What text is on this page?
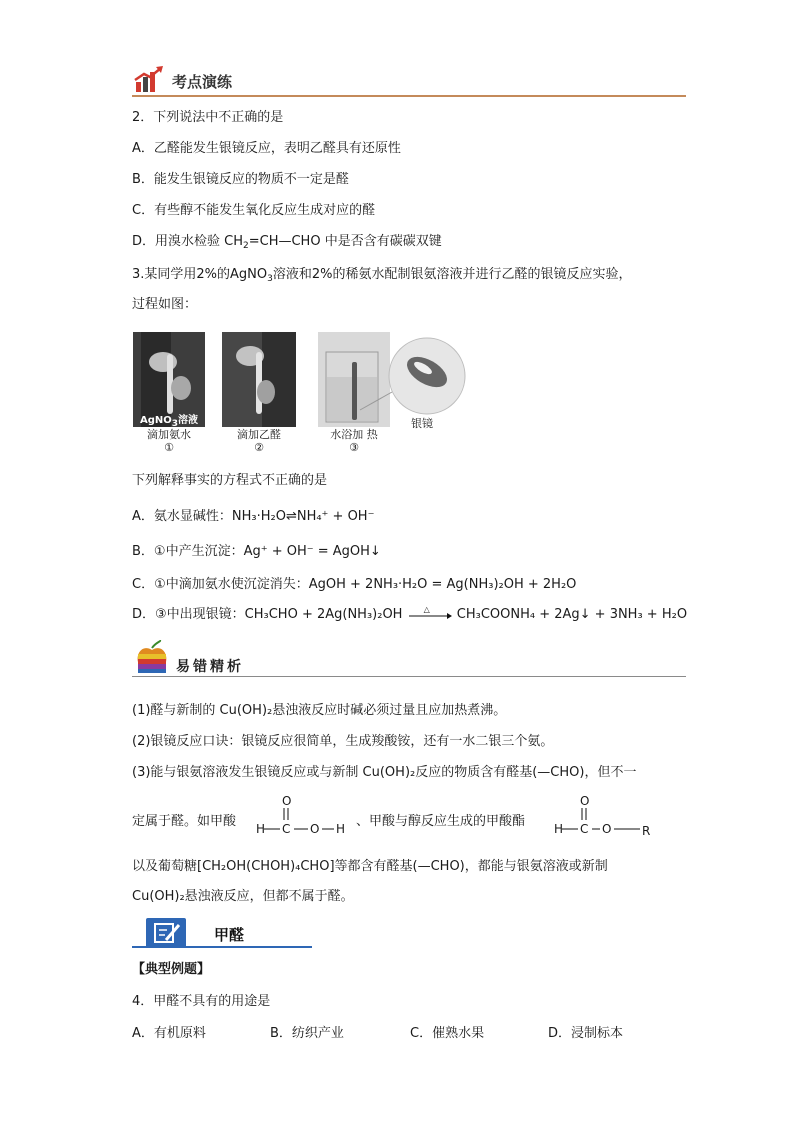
考点演练
2．下列说法中不正确的是
A．乙醛能发生银镜反应，表明乙醛具有还原性
B．能发生银镜反应的物质不一定是醛
C．有些醇不能发生氧化反应生成对应的醛
D．用溴水检验 $CH_2=CH—CHO$ 中是否含有碳碳双键
3.某同学用2%的AgNO$_3$溶液和2%的稀氨水配制银氨溶液并进行乙醛的银镜反应实验，
过程如图：
AgNO$_3$溶液
滴加氨水
①
滴加乙醛
②
水浴加 热
③
银镜
下列解释事实的方程式不正确的是
A．氨水显碱性：NH₃·H₂O⇌NH₄⁺ + OH⁻
B．①中产生沉淀：Ag⁺ + OH⁻ = AgOH↓
C．①中滴加氨水使沉淀消失：AgOH + 2NH₃·H₂O = Ag(NH₃)₂OH + 2H₂O
D．③中出现银镜：CH₃CHO + 2Ag(NH₃)₂OH	△ CH₃COONH₄ + 2Ag↓ + 3NH₃ + H₂O
易错精析
(1)醛与新制的 Cu(OH)₂悬浊液反应时碱必须过量且应加热煮沸。
(2)银镜反应口诀：银镜反应很简单，生成羧酸铵，还有一水二银三个氨。
(3)能与银氨溶液发生银镜反应或与新制 Cu(OH)₂反应的物质含有醛基(—CHO)，但不一
定属于醛。如甲酸
O
H C O H 、甲酸与醇反应生成的甲酸酯
O
H C O	R
以及葡萄糖[CH₂OH(CHOH)₄CHO]等都含有醛基(—CHO)，都能与银氨溶液或新制
Cu(OH)₂悬浊液反应，但都不属于醛。
甲醛
【典型例题】
4．甲醛不具有的用途是
A．有机原料	B．纺织产业	C．催熟水果	D．浸制标本
